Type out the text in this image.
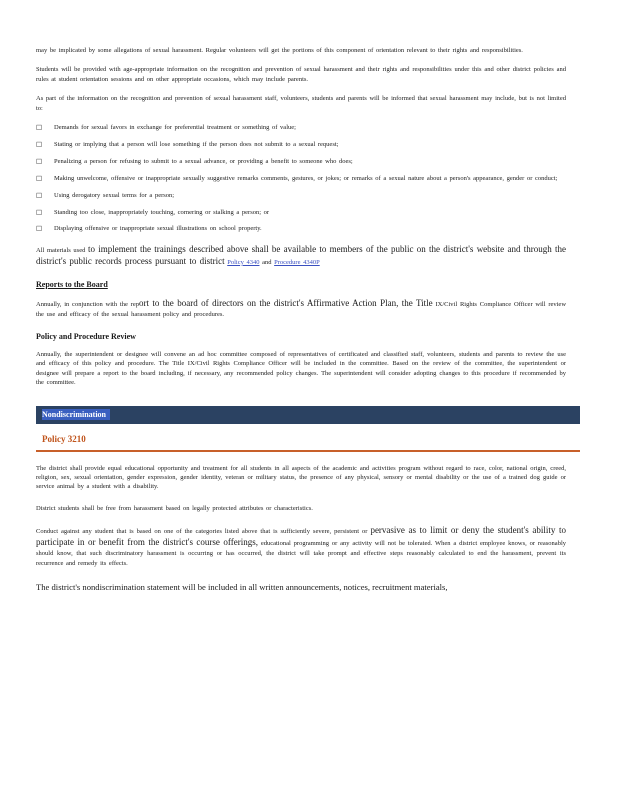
may be implicated by some allegations of sexual harassment. Regular volunteers will get the portions of this component of orientation relevant to their rights and responsibilities.

Students will be provided with age-appropriate information on the recognition and prevention of sexual harassment and their rights and responsibilities under this and other district policies and rules at student orientation sessions and on other appropriate occasions, which may include parents.

As part of the information on the recognition and prevention of sexual harassment staff, volunteers, students and parents will be informed that sexual harassment may include, but is not limited to:

□ Demands for sexual favors in exchange for preferential treatment or something of value;
□ Stating or implying that a person will lose something if the person does not submit to a sexual request;
□ Penalizing a person for refusing to submit to a sexual advance, or providing a benefit to someone who does;
□ Making unwelcome, offensive or inappropriate sexually suggestive remarks comments, gestures, or jokes; or remarks of a sexual nature about a person's appearance, gender or conduct;
□ Using derogatory sexual terms for a person;
□ Standing too close, inappropriately touching, cornering or stalking a person; or
□ Displaying offensive or inappropriate sexual illustrations on school property.

All materials used to implement the trainings described above shall be available to members of the public on the district's website and through the district's public records process pursuant to district Policy 4340 and Procedure 4340P

Reports to the Board

Annually, in conjunction with the report to the board of directors on the district's Affirmative Action Plan, the Title IX/Civil Rights Compliance Officer will review the use and efficacy of the sexual harassment policy and procedures.

Policy and Procedure Review

Annually, the superintendent or designee will convene an ad hoc committee composed of representatives of certificated and classified staff, volunteers, students and parents to review the use and efficacy of this policy and procedure. The Title IX/Civil Rights Compliance Officer will be included in the committee. Based on the review of the committee, the superintendent or designee will prepare a report to the board including, if necessary, any recommended policy changes. The superintendent will consider adopting changes to this procedure if recommended by the committee.

Nondiscrimination

Policy 3210

The district shall provide equal educational opportunity and treatment for all students in all aspects of the academic and activities program without regard to race, color, national origin, creed, religion, sex, sexual orientation, gender expression, gender identity, veteran or military status, the presence of any physical, sensory or mental disability or the use of a trained dog guide or service animal by a student with a disability.

District students shall be free from harassment based on legally protected attributes or characteristics.

Conduct against any student that is based on one of the categories listed above that is sufficiently severe, persistent or pervasive as to limit or deny the student's ability to participate in or benefit from the district's course offerings, educational programming or any activity will not be tolerated. When a district employee knows, or reasonably should know, that such discriminatory harassment is occurring or has occurred, the district will take prompt and effective steps reasonably calculated to end the harassment, prevent its recurrence and remedy its effects.

The district's nondiscrimination statement will be included in all written announcements, notices, recruitment materials,
